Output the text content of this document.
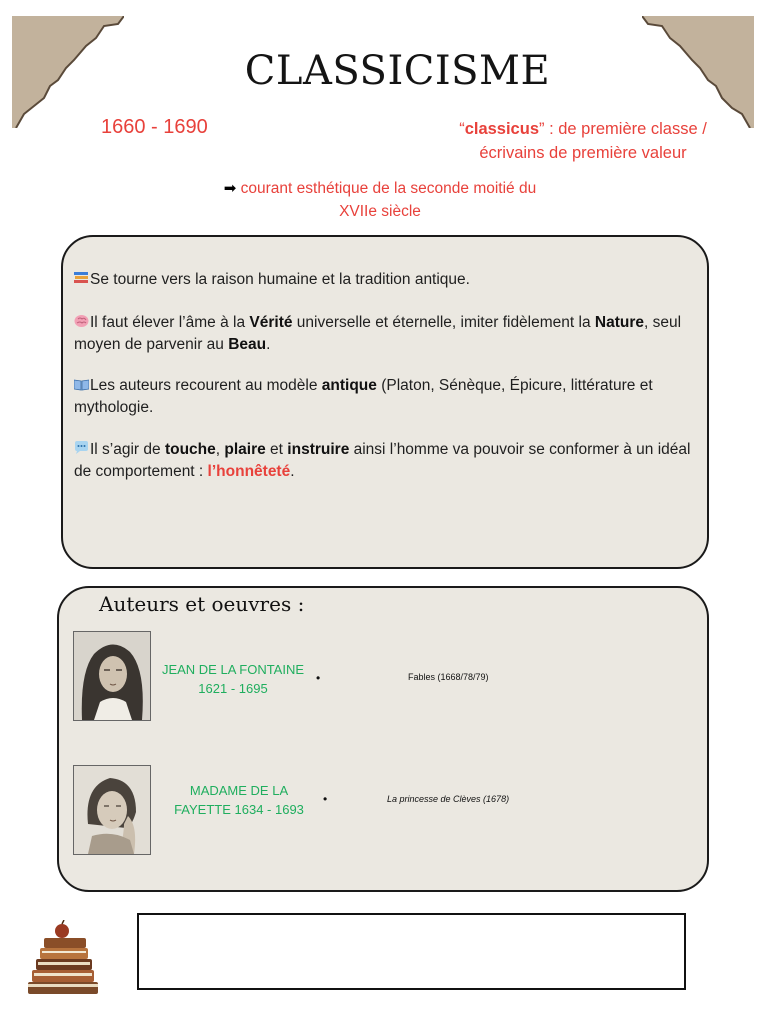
CLASSICISME
1660 - 1690	“classicus” : de première classe /
écrivains de première valeur
➡ courant esthétique de la seconde moitié du
XVIIe siècle
Se tourne vers la raison humaine et la tradition antique.
Il faut élever l’âme à la Vérité universelle et éternelle, imiter fidèlement la Nature, seul moyen de parvenir au Beau.
Les auteurs recourent au modèle antique (Platon, Sénèque, Épicure, littérature et mythologie.
Il s’agir de touche, plaire et instruire ainsi l’homme va pouvoir se conformer à un idéal de comportement : l’honnêteté.
Auteurs et oeuvres :
JEAN DE LA FONTAINE
1621 - 1695
•	Fables (1668/78/79)
MADAME DE LA
FAYETTE 1634 - 1693
•	La princesse de Clèves (1678)
